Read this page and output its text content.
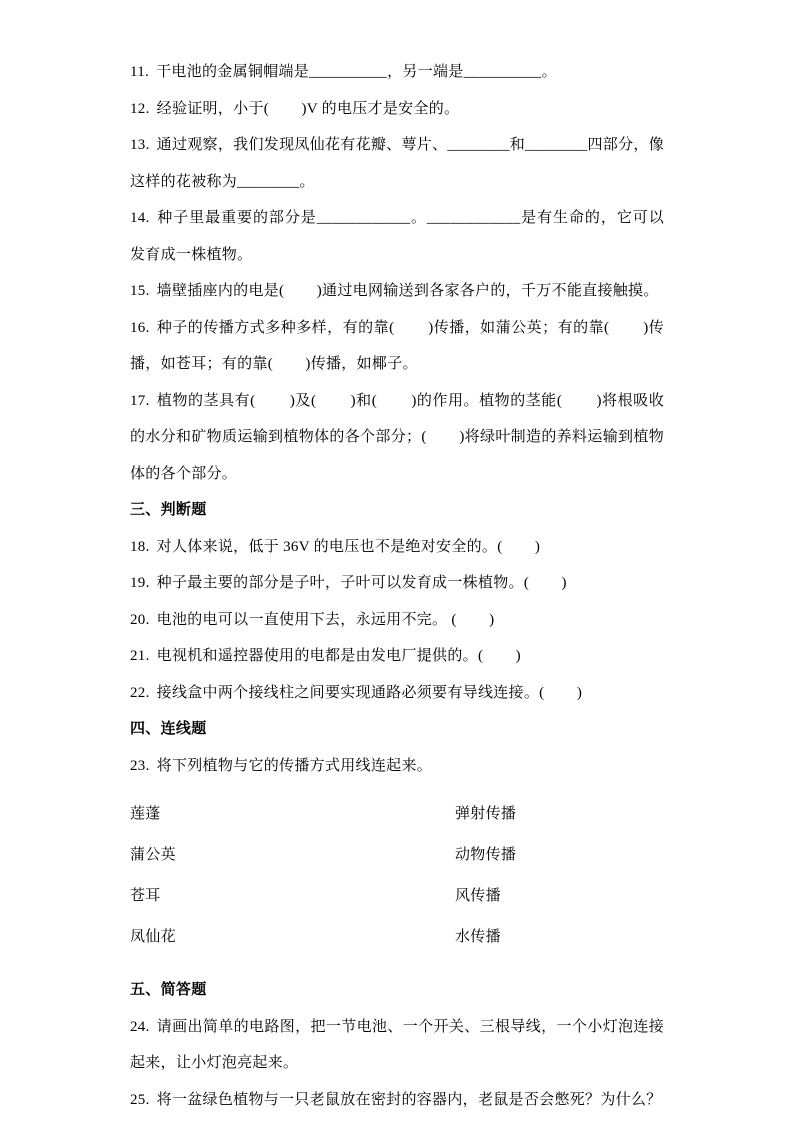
11. 干电池的金属铜帽端是__________，另一端是__________。

12. 经验证明，小于(        )V 的电压才是安全的。

13. 通过观察，我们发现凤仙花有花瓣、萼片、________和________四部分，像这样的花被称为________。

14. 种子里最重要的部分是____________。____________是有生命的，它可以发育成一株植物。

15. 墙壁插座内的电是(        )通过电网输送到各家各户的，千万不能直接触摸。

16. 种子的传播方式多种多样，有的靠(        )传播，如蒲公英；有的靠(        )传播，如苍耳；有的靠(        )传播，如椰子。

17. 植物的茎具有(        )及(        )和(        )的作用。植物的茎能(        )将根吸收的水分和矿物质运输到植物体的各个部分；(        )将绿叶制造的养料运输到植物体的各个部分。

三、判断题

18. 对人体来说，低于 36V 的电压也不是绝对安全的。(        )

19. 种子最主要的部分是子叶，子叶可以发育成一株植物。(        )

20. 电池的电可以一直使用下去，永远用不完。 (        )

21. 电视机和遥控器使用的电都是由发电厂提供的。(        )

22. 接线盒中两个接线柱之间要实现通路必须要有导线连接。(        )

四、连线题

23. 将下列植物与它的传播方式用线连起来。

莲蓬	弹射传播
蒲公英	动物传播
苍耳	风传播
凤仙花	水传播

五、简答题

24. 请画出简单的电路图，把一节电池、一个开关、三根导线，一个小灯泡连接起来，让小灯泡亮起来。

25. 将一盆绿色植物与一只老鼠放在密封的容器内，老鼠是否会憋死？为什么？
